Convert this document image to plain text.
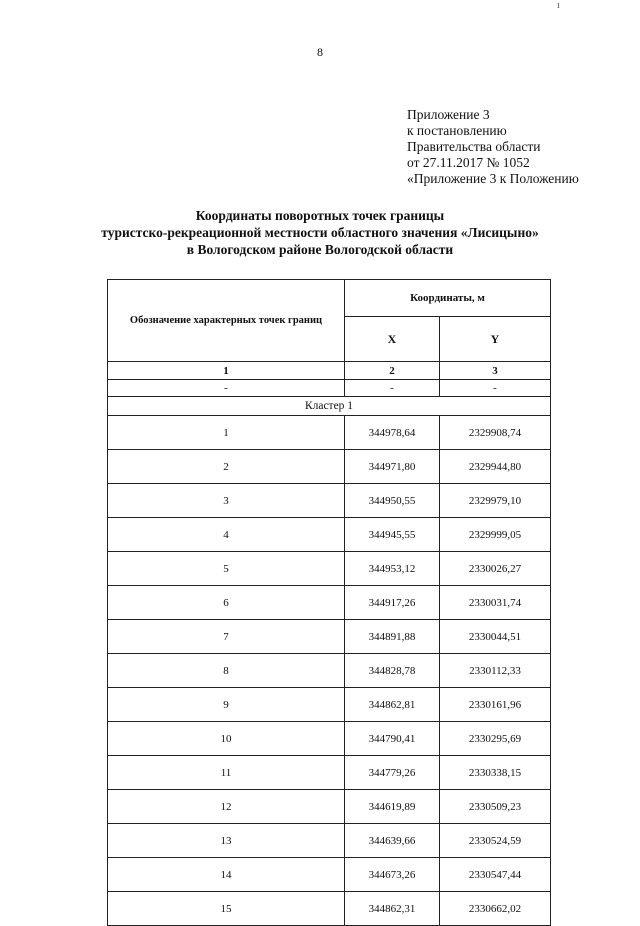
ı
8
Приложение 3
к постановлению
Правительства области
от 27.11.2017 № 1052
«Приложение 3 к Положению
Координаты поворотных точек границы
туристско-рекреационной местности областного значения «Лисицыно»
в Вологодском районе Вологодской области
Обозначение характерных точек границ	Координаты, м	
	X	Y
1	2	3
-	-	-
Кластер 1		
1	344978,64	2329908,74
2	344971,80	2329944,80
3	344950,55	2329979,10
4	344945,55	2329999,05
5	344953,12	2330026,27
6	344917,26	2330031,74
7	344891,88	2330044,51
8	344828,78	2330112,33
9	344862,81	2330161,96
10	344790,41	2330295,69
11	344779,26	2330338,15
12	344619,89	2330509,23
13	344639,66	2330524,59
14	344673,26	2330547,44
15	344862,31	2330662,02
